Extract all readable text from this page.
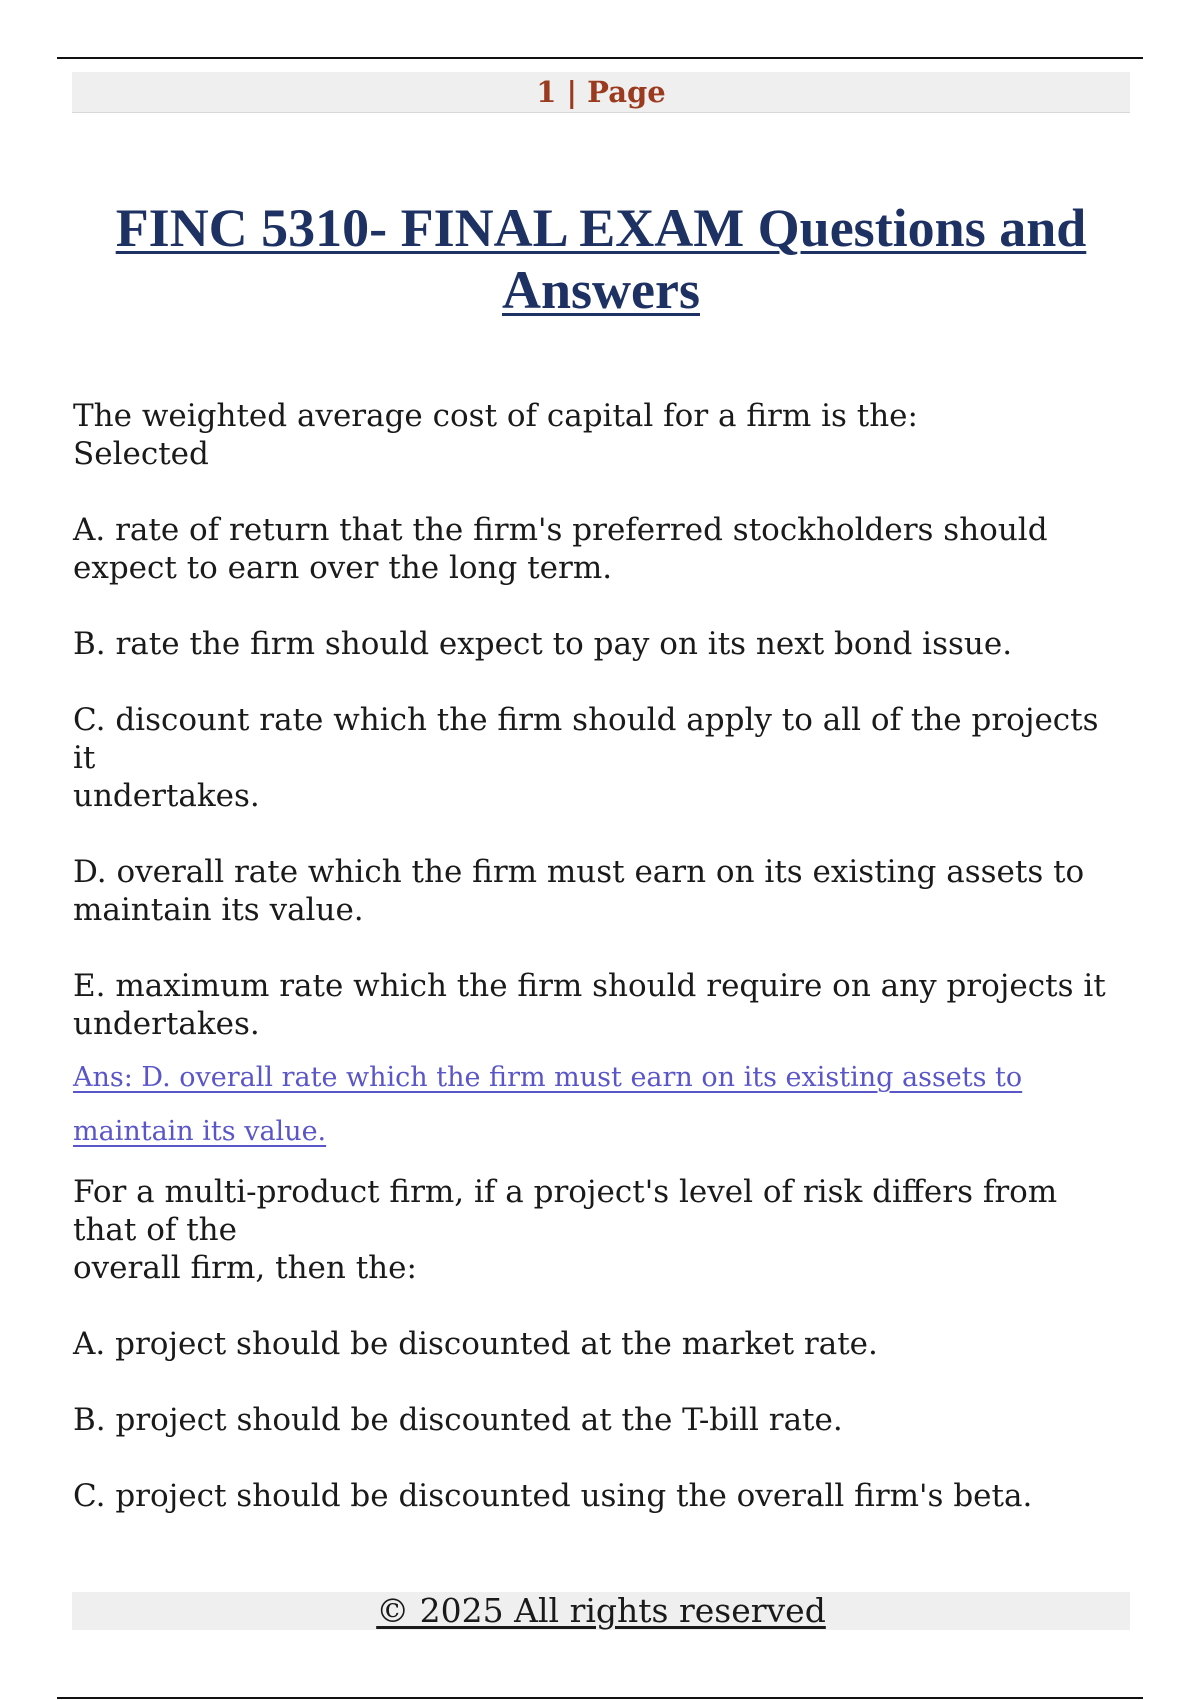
1 | Page
FINC 5310- FINAL EXAM Questions and Answers

The weighted average cost of capital for a firm is the:
Selected

A. rate of return that the firm's preferred stockholders should expect to earn over the long term.

B. rate the firm should expect to pay on its next bond issue.

C. discount rate which the firm should apply to all of the projects it
undertakes.

D. overall rate which the firm must earn on its existing assets to maintain its value.

E. maximum rate which the firm should require on any projects it undertakes.

Ans: D. overall rate which the firm must earn on its existing assets to
maintain its value.

For a multi-product firm, if a project's level of risk differs from that of the
overall firm, then the:

A. project should be discounted at the market rate.

B. project should be discounted at the T-bill rate.

C. project should be discounted using the overall firm's beta.

© 2025 All rights reserved
